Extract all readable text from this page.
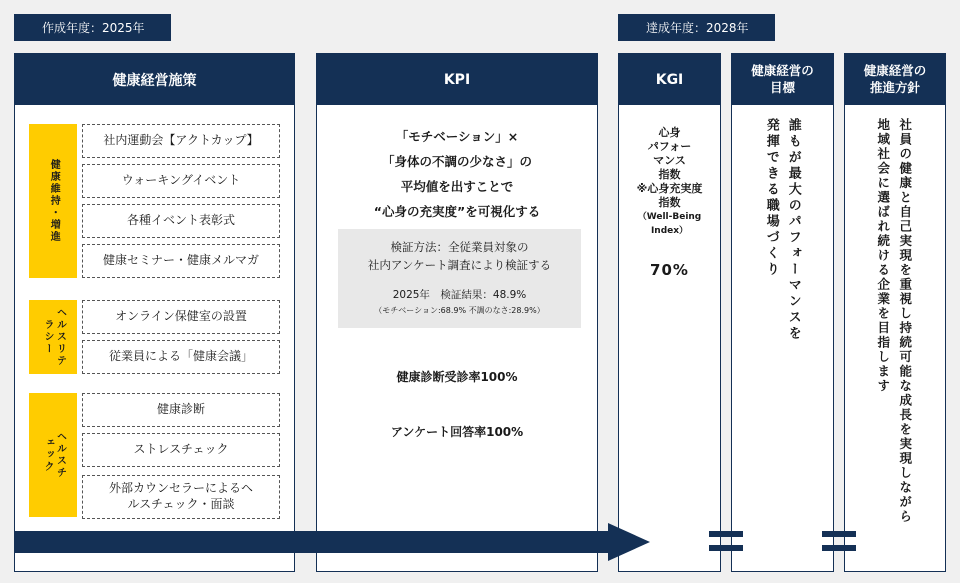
作成年度：2025年	達成年度：2028年
健康経営施策
健康維持・増進
社内運動会【アクトカップ】
ウォーキングイベント
各種イベント表彰式
健康セミナー・健康メルマガ
ヘルスリテラシー
オンライン保健室の設置
従業員による「健康会議」
ヘルスチェック
健康診断
ストレスチェック
外部カウンセラーによるヘルスチェック・面談
KPI
「モチベーション」×
「身体の不調の少なさ」の
平均値を出すことで
“心身の充実度”を可視化する
検証方法：全従業員対象の
社内アンケート調査により検証する
2025年　検証結果：48.9%
（モチベーション:68.9% 不調のなさ:28.9%）
健康診断受診率100%
アンケート回答率100%
KGI
心身
パフォー
マンス
指数
※心身充実度
指数
（Well-Being
Index）
70%
健康経営の
目標
誰もが最大のパフォーマンスを
発揮できる職場づくり
健康経営の
推進方針
社員の健康と自己実現を重視し持続可能な成長を実現しながら
地域社会に選ばれ続ける企業を目指します
